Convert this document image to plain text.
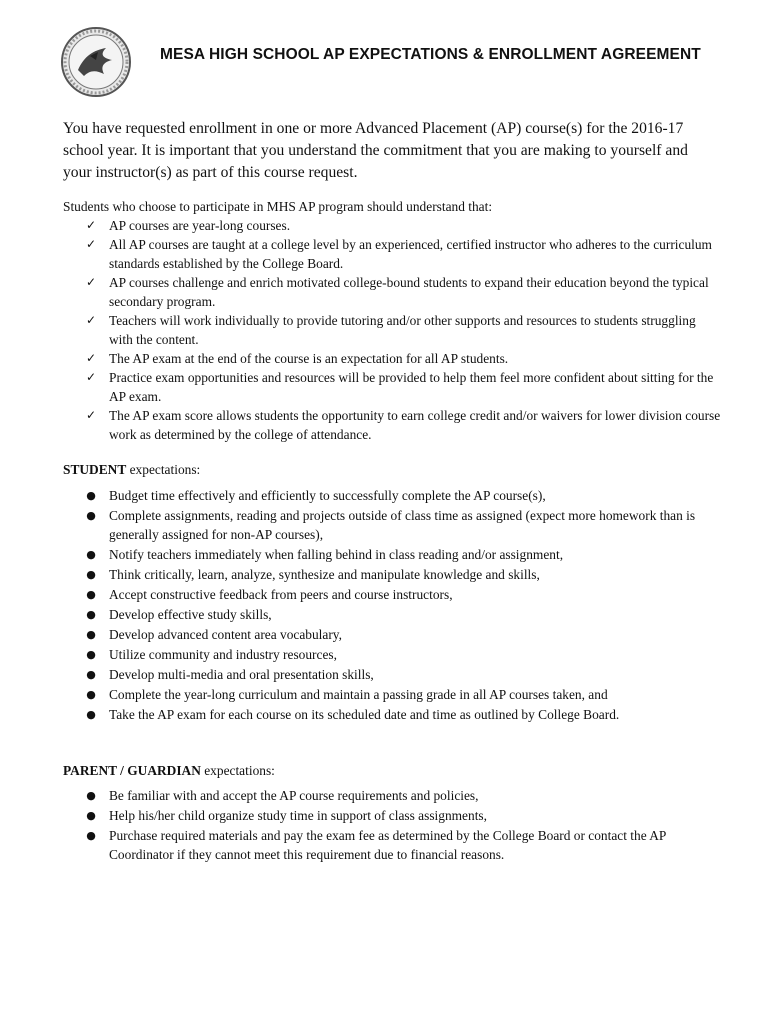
MESA HIGH SCHOOL AP EXPECTATIONS & ENROLLMENT AGREEMENT
You have requested enrollment in one or more Advanced Placement (AP) course(s) for the 2016-17 school year. It is important that you understand the commitment that you are making to yourself and your instructor(s) as part of this course request.
Students who choose to participate in MHS AP program should understand that:
✓ AP courses are year-long courses.
✓ All AP courses are taught at a college level by an experienced, certified instructor who adheres to the curriculum standards established by the College Board.
✓ AP courses challenge and enrich motivated college-bound students to expand their education beyond the typical secondary program.
✓ Teachers will work individually to provide tutoring and/or other supports and resources to students struggling with the content.
✓ The AP exam at the end of the course is an expectation for all AP students.
✓ Practice exam opportunities and resources will be provided to help them feel more confident about sitting for the AP exam.
✓ The AP exam score allows students the opportunity to earn college credit and/or waivers for lower division course work as determined by the college of attendance.
STUDENT expectations:
● Budget time effectively and efficiently to successfully complete the AP course(s),
● Complete assignments, reading and projects outside of class time as assigned (expect more homework than is generally assigned for non-AP courses),
● Notify teachers immediately when falling behind in class reading and/or assignment,
● Think critically, learn, analyze, synthesize and manipulate knowledge and skills,
● Accept constructive feedback from peers and course instructors,
● Develop effective study skills,
● Develop advanced content area vocabulary,
● Utilize community and industry resources,
● Develop multi-media and oral presentation skills,
● Complete the year-long curriculum and maintain a passing grade in all AP courses taken, and
● Take the AP exam for each course on its scheduled date and time as outlined by College Board.
PARENT / GUARDIAN expectations:
● Be familiar with and accept the AP course requirements and policies,
● Help his/her child organize study time in support of class assignments,
● Purchase required materials and pay the exam fee as determined by the College Board or contact the AP Coordinator if they cannot meet this requirement due to financial reasons.
